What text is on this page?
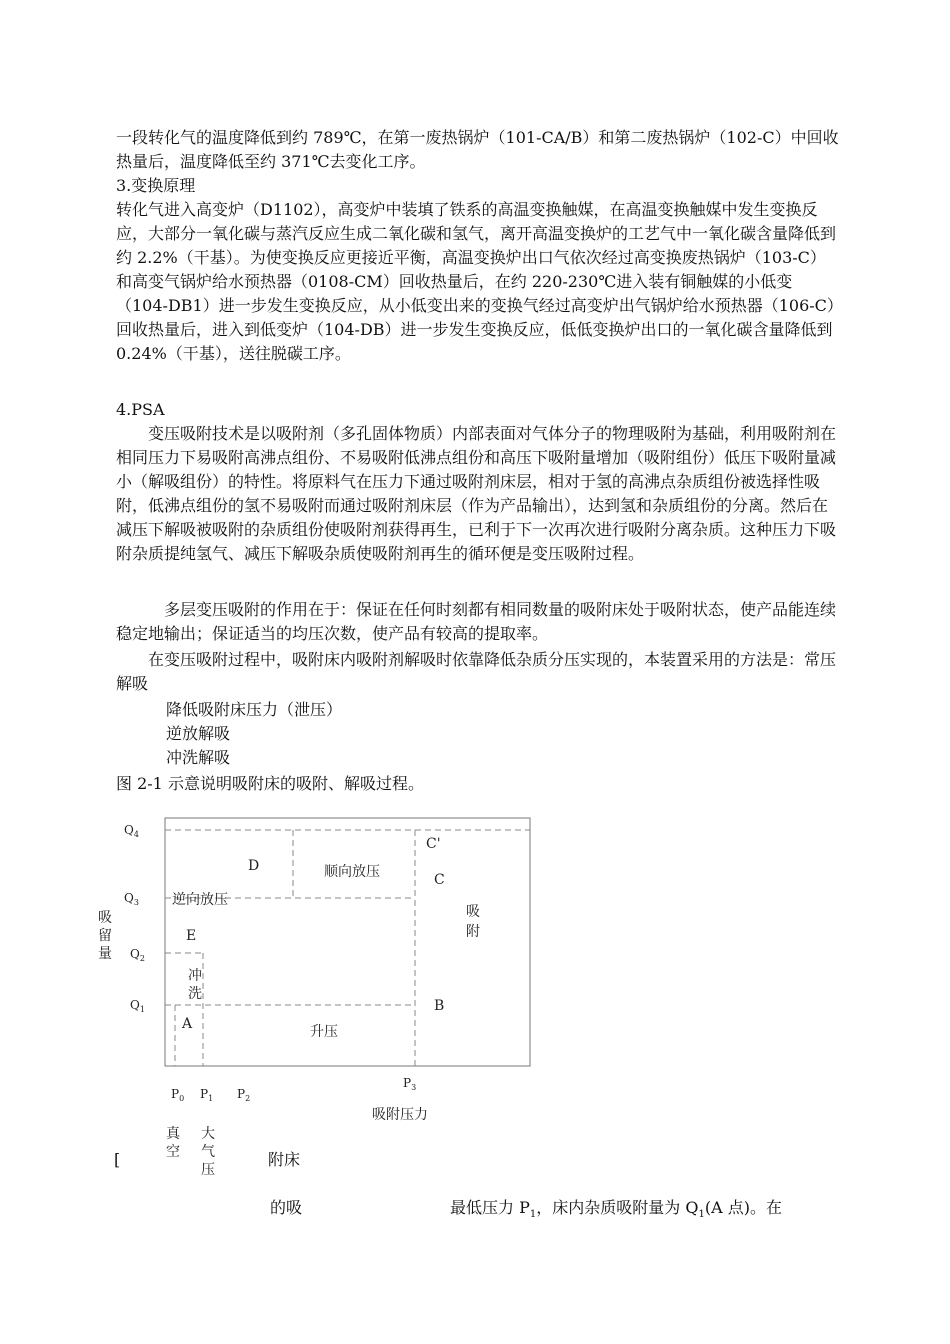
一段转化气的温度降低到约 789℃，在第一废热锅炉（101-CA/B）和第二废热锅炉（102-C）中回收热量后，温度降低至约 371℃去变化工序。

3.变换原理

转化气进入高变炉（D1102），高变炉中装填了铁系的高温变换触媒，在高温变换触媒中发生变换反应，大部分一氧化碳与蒸汽反应生成二氧化碳和氢气，离开高温变换炉的工艺气中一氧化碳含量降低到约 2.2%（干基）。为使变换反应更接近平衡，高温变换炉出口气依次经过高变换废热锅炉（103-C）和高变气锅炉给水预热器（0108-CM）回收热量后，在约 220-230℃进入装有铜触媒的小低变（104-DB1）进一步发生变换反应，从小低变出来的变换气经过高变炉出气锅炉给水预热器（106-C）回收热量后，进入到低变炉（104-DB）进一步发生变换反应，低低变换炉出口的一氧化碳含量降低到 0.24%（干基），送往脱碳工序。

4.PSA

变压吸附技术是以吸附剂（多孔固体物质）内部表面对气体分子的物理吸附为基础，利用吸附剂在相同压力下易吸附高沸点组份、不易吸附低沸点组份和高压下吸附量增加（吸附组份）低压下吸附量减小（解吸组份）的特性。将原料气在压力下通过吸附剂床层，相对于氢的高沸点杂质组份被选择性吸附，低沸点组份的氢不易吸附而通过吸附剂床层（作为产品输出），达到氢和杂质组份的分离。然后在减压下解吸被吸附的杂质组份使吸附剂获得再生，已利于下一次再次进行吸附分离杂质。这种压力下吸附杂质提纯氢气、减压下解吸杂质使吸附剂再生的循环便是变压吸附过程。

多层变压吸附的作用在于：保证在任何时刻都有相同数量的吸附床处于吸附状态，使产品能连续稳定地输出；保证适当的均压次数，使产品有较高的提取率。

在变压吸附过程中，吸附床内吸附剂解吸时依靠降低杂质分压实现的，本装置采用的方法是：常压解吸

降低吸附床压力（泄压）

逆放解吸

冲洗解吸

图 2-1 示意说明吸附床的吸附、解吸过程。

吸
留
量
$Q_4$
$Q_3$
$Q_2$
$Q_1$
D	顺向放压
C'
C
逆向放压
吸
附
E
冲
洗
B
A	升压
$P_3$
$P_0$ $P_1$ $P_2$
吸附压力
真
空
大
气
压

[	附床

的吸	最低压力 $P_1$，床内杂质吸附量为 $Q_1(A$ 点)。在
